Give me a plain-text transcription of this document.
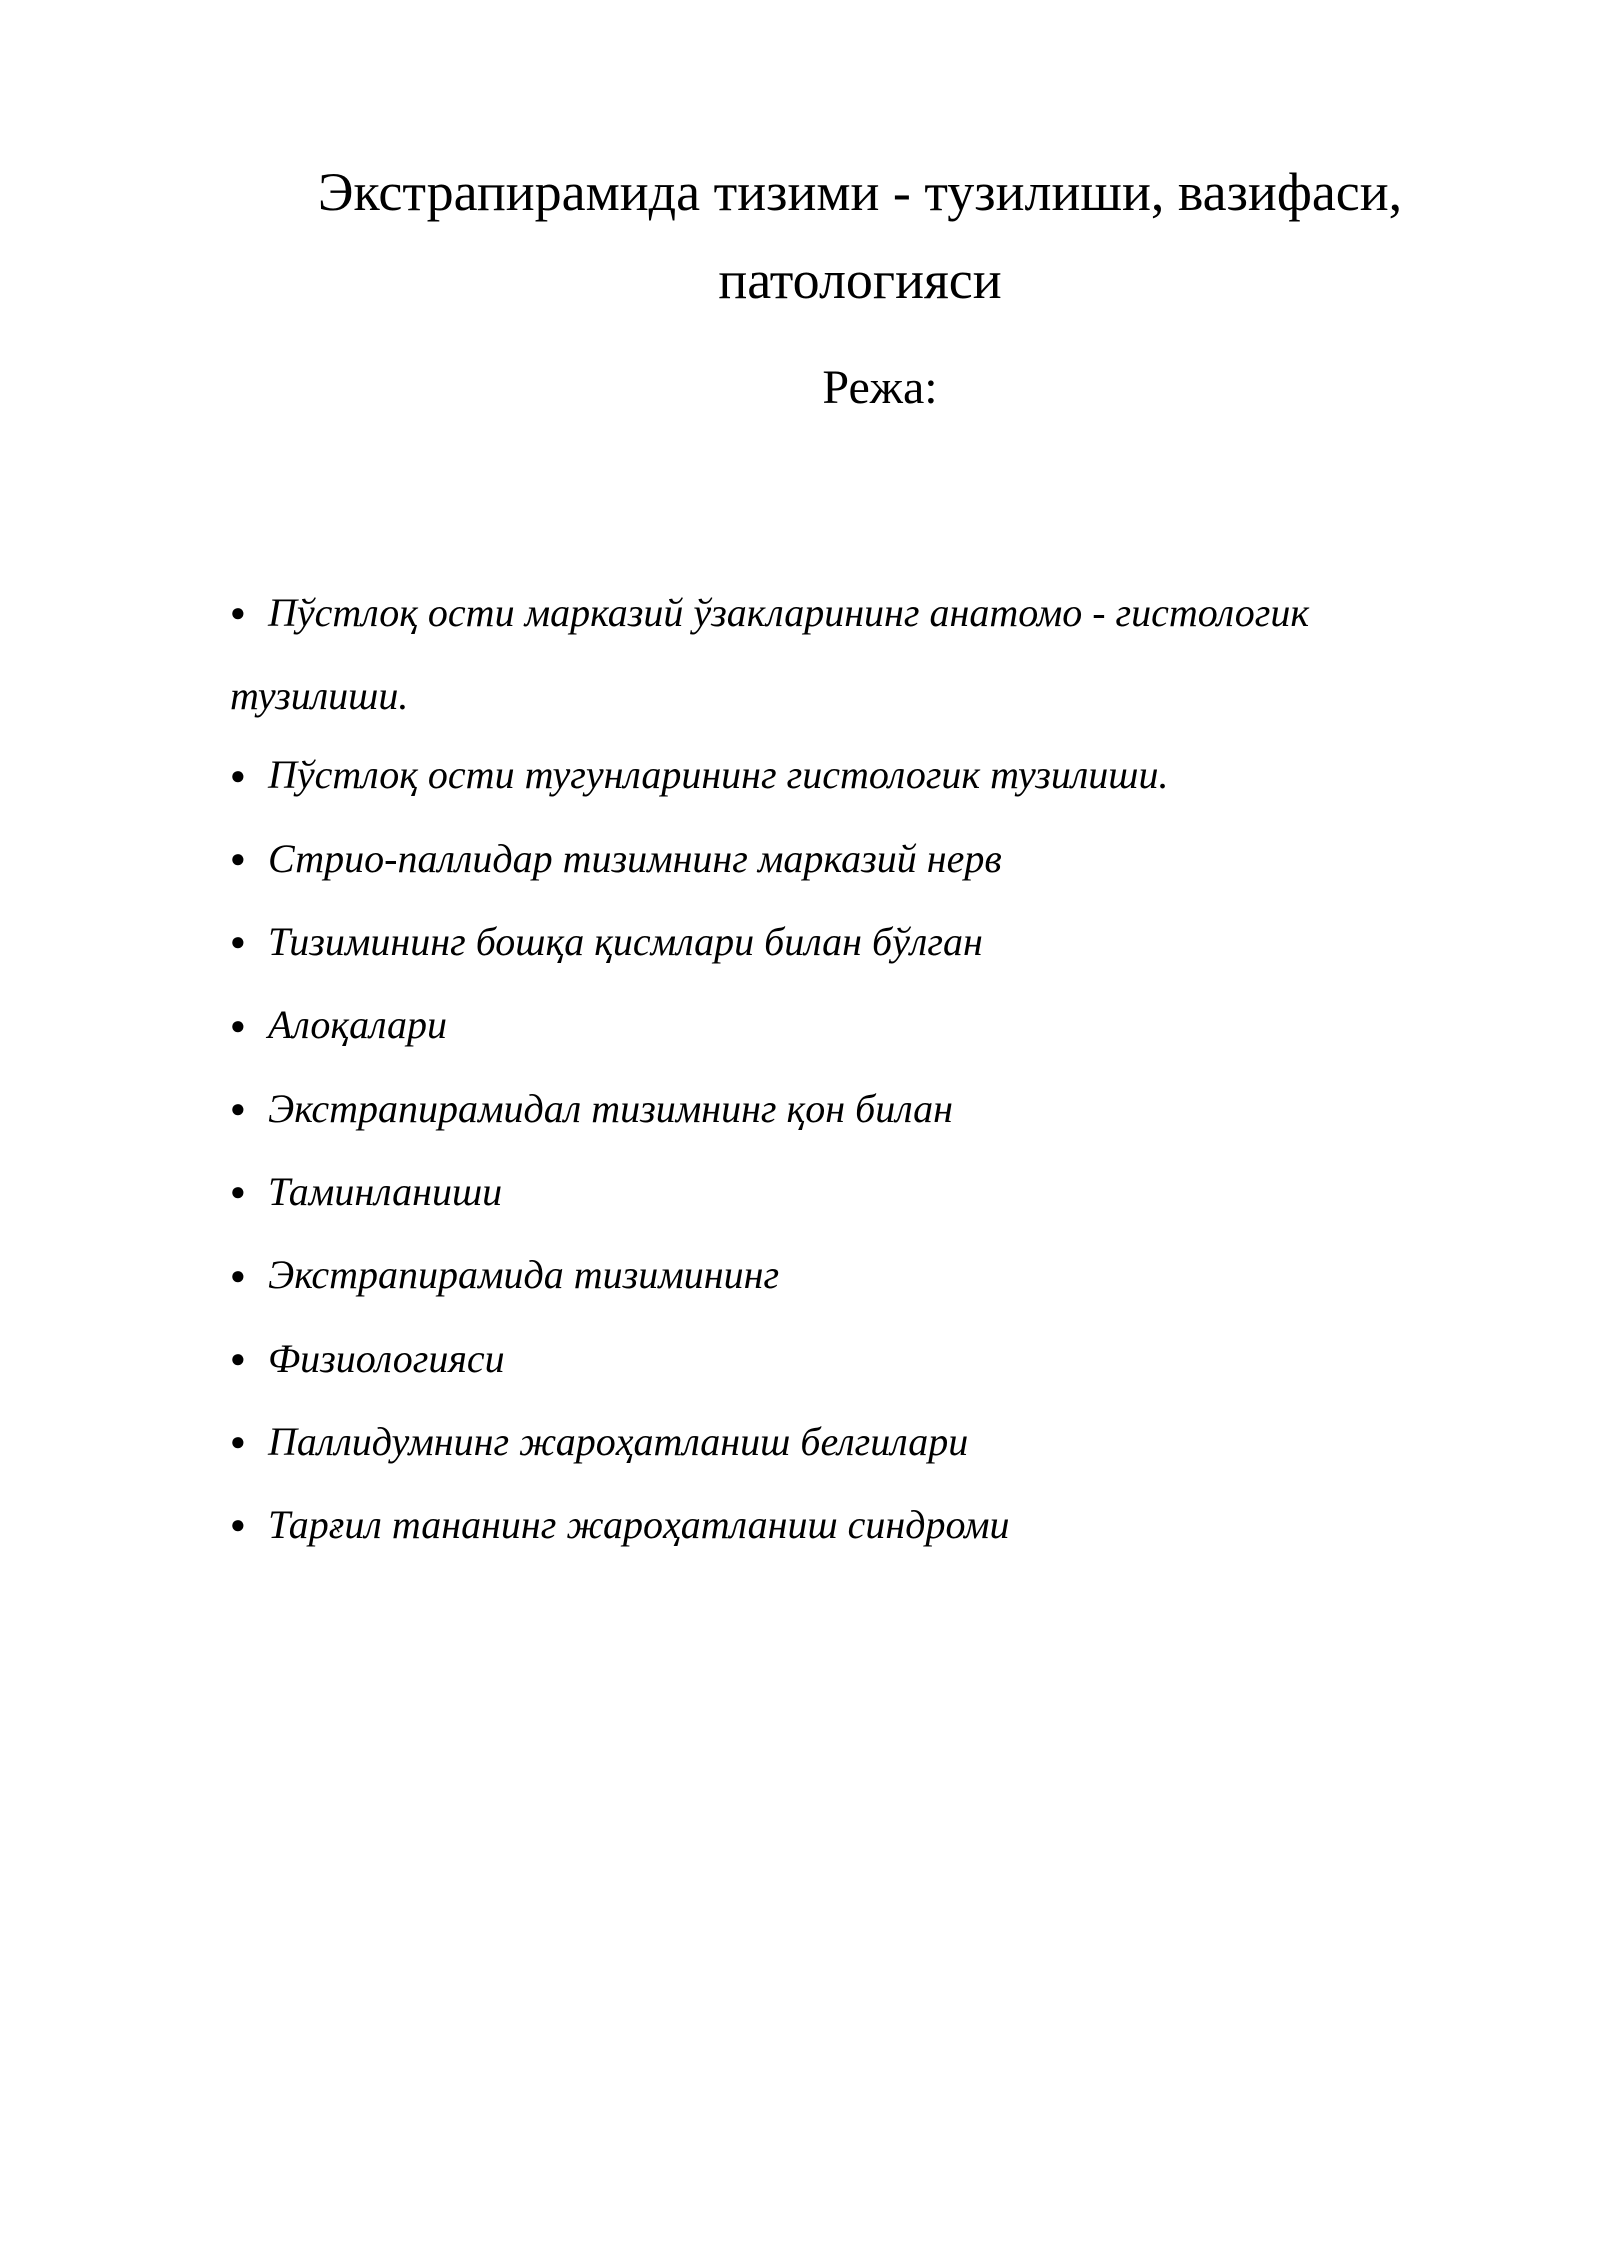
Экстрапирамида тизими - тузилиши, вазифаси, патологияси

Режа:

● Пўстлоқ ости марказий ўзакларининг анатомо - гистологик тузилиши.
● Пўстлоқ ости тугунларининг гистологик тузилиши.
● Стрио-паллидар тизимнинг марказий нерв
● Тизимининг бошқа қисмлари билан бўлган
● Алоқалари
● Экстрапирамидал тизимнинг қон билан
● Таминланиши
● Экстрапирамида тизимининг
● Физиологияси
● Паллидумнинг жароҳатланиш белгилари
● Тарғил тананинг жароҳатланиш синдроми
